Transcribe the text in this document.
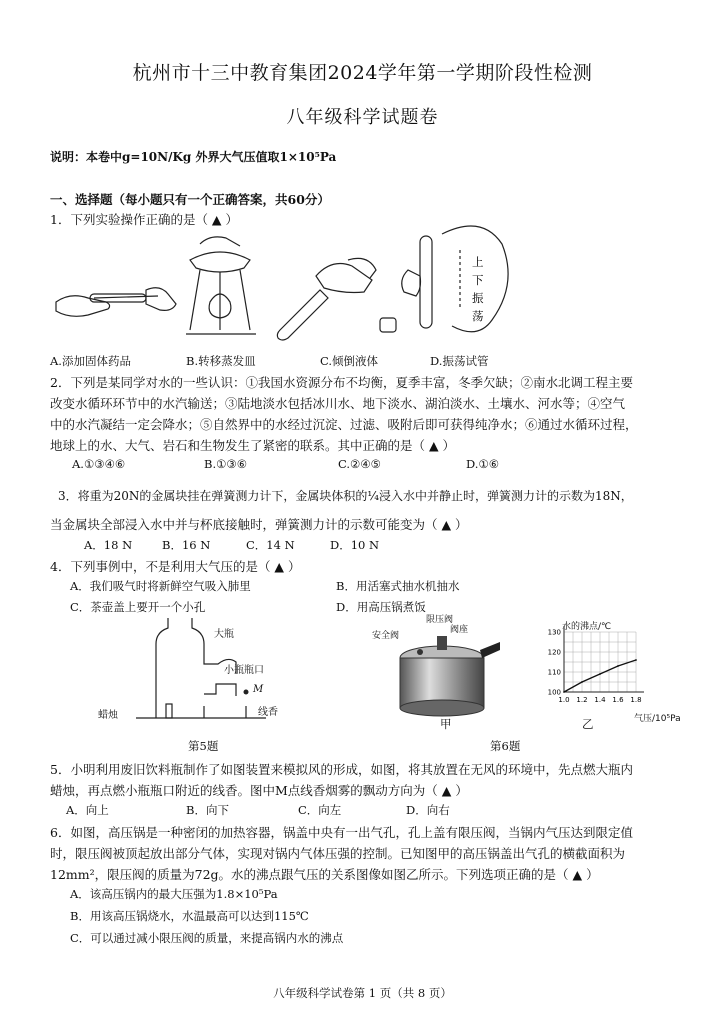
杭州市十三中教育集团2024学年第一学期阶段性检测
八年级科学试题卷
说明：本卷中g=10N/Kg 外界大气压值取1×10⁵Pa
一、选择题（每小题只有一个正确答案，共60分）
1．下列实验操作正确的是（ ▲ ）
上
下
振
荡
A.添加固体药品	B.转移蒸发皿	C.倾倒液体	D.振荡试管
2．下列是某同学对水的一些认识：①我国水资源分布不均衡，夏季丰富，冬季欠缺；②南水北调工程主要
改变水循环环节中的水汽输送；③陆地淡水包括冰川水、地下淡水、湖泊淡水、土壤水、河水等；④空气
中的水汽凝结一定会降水；⑤自然界中的水经过沉淀、过滤、吸附后即可获得纯净水；⑥通过水循环过程，
地球上的水、大气、岩石和生物发生了紧密的联系。其中正确的是（ ▲ ）
A.①③④⑥	B.①③⑥	C.②④⑤	D.①⑥
3．将重为20N的金属块挂在弹簧测力计下，金属块体积的¼浸入水中并静止时，弹簧测力计的示数为18N，
当金属块全部浸入水中并与杯底接触时，弹簧测力计的示数可能变为（ ▲ ）
A．18 N	B．16 N	C．14 N	D．10 N
4．下列事例中，不是利用大气压的是（ ▲ ）
A．我们吸气时将新鲜空气吸入肺里	B．用活塞式抽水机抽水
C．茶壶盖上要开一个小孔	D．用高压锅煮饭
大瓶
小瓶瓶口
M
线香
蜡烛
第5题
限压阀
安全阀
阀座
甲	乙
第6题
水的沸点/℃
气压/10⁵Pa
1.0 1.2 1.4 1.6 1.8
100
110
120
130
5．小明利用废旧饮料瓶制作了如图装置来模拟风的形成，如图，将其放置在无风的环境中，先点燃大瓶内
蜡烛，再点燃小瓶瓶口附近的线香。图中M点线香烟雾的飘动方向为（ ▲ ）
A．向上	B．向下	C．向左	D．向右
6．如图，高压锅是一种密闭的加热容器，锅盖中央有一出气孔，孔上盖有限压阀，当锅内气压达到限定值
时，限压阀被顶起放出部分气体，实现对锅内气体压强的控制。已知图甲的高压锅盖出气孔的横截面积为
12mm²，限压阀的质量为72g。水的沸点跟气压的关系图像如图乙所示。下列选项正确的是（ ▲ ）
A．该高压锅内的最大压强为1.8×10⁵Pa
B．用该高压锅烧水，水温最高可以达到115℃
C．可以通过减小限压阀的质量，来提高锅内水的沸点
八年级科学试卷第 1 页（共 8 页）
